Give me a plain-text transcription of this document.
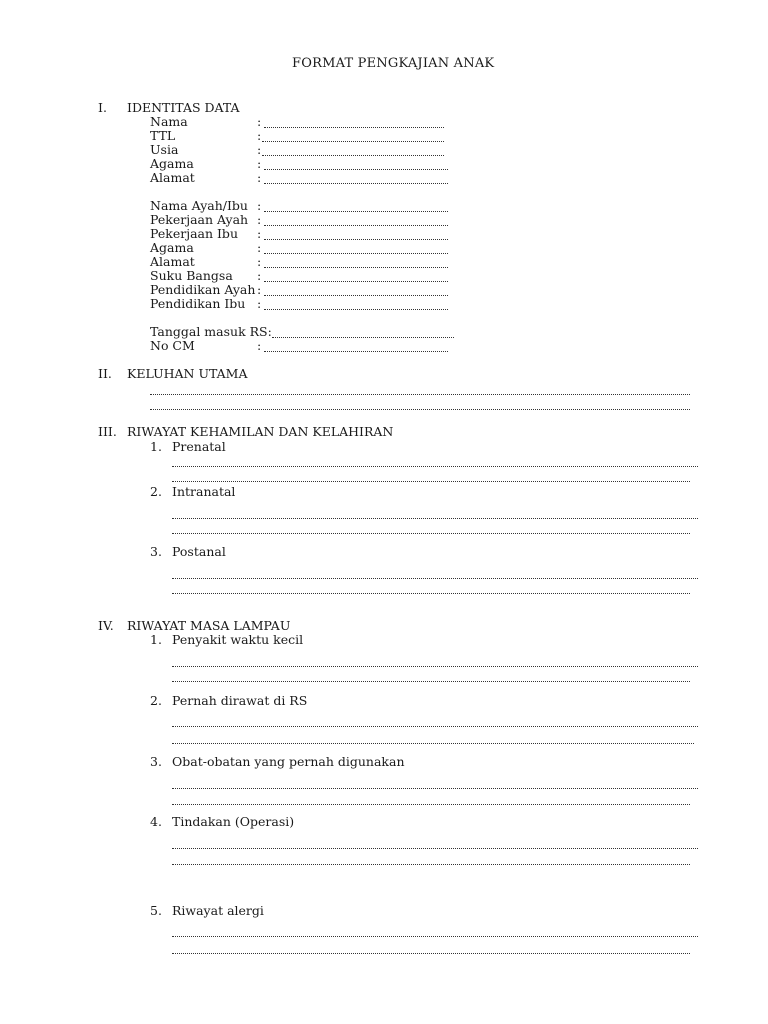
FORMAT PENGKAJIAN ANAK
I. IDENTITAS DATA
Nama	:
TTL	:
Usia	:
Agama	:
Alamat	:
Nama Ayah/Ibu :
Pekerjaan Ayah :
Pekerjaan Ibu :
Agama	:
Alamat	:
Suku Bangsa :
Pendidikan Ayah :
Pendidikan Ibu :
Tanggal masuk RS:
No CM	:
II. KELUHAN UTAMA
III. RIWAYAT KEHAMILAN DAN KELAHIRAN
1. Prenatal
2. Intranatal
3. Postanal
IV. RIWAYAT MASA LAMPAU
1. Penyakit waktu kecil
2. Pernah dirawat di RS
3. Obat-obatan yang pernah digunakan
4. Tindakan (Operasi)
5. Riwayat alergi
